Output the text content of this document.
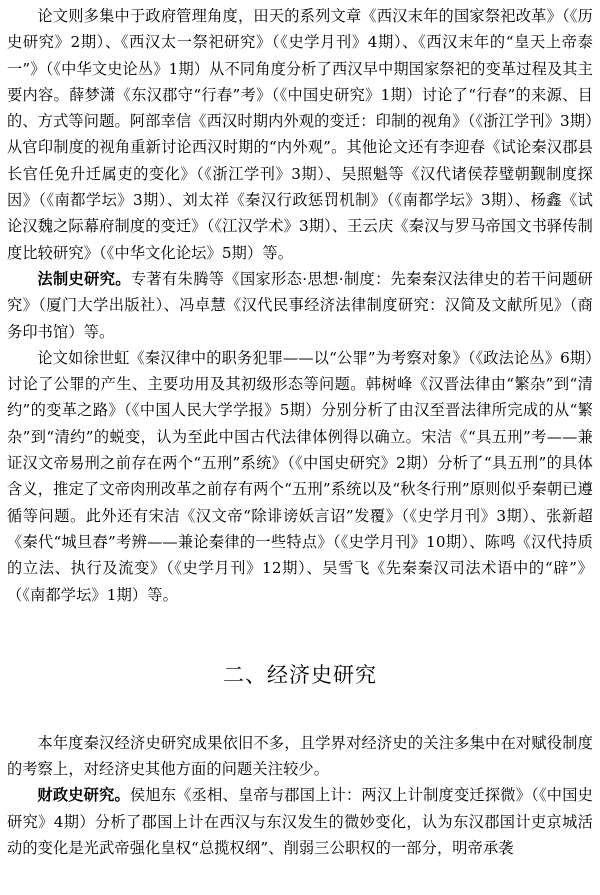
论文则多集中于政府管理角度，田天的系列文章《西汉末年的国家祭祀改革》（《历史研究》2期）、《西汉太一祭祀研究》（《史学月刊》4期）、《西汉末年的“皇天上帝泰一”》（《中华文史论丛》1期）从不同角度分析了西汉早中期国家祭祀的变革过程及其主要内容。薛梦潇《东汉郡守“行春”考》（《中国史研究》1期）讨论了“行春”的来源、目的、方式等问题。阿部幸信《西汉时期内外观的变迁：印制的视角》（《浙江学刊》3期）从官印制度的视角重新讨论西汉时期的“内外观”。其他论文还有李迎春《试论秦汉郡县长官任免升迁属吏的变化》（《浙江学刊》3期）、吴照魁等《汉代诸侯荐璧朝觐制度探因》（《南都学坛》3期）、刘太祥《秦汉行政惩罚机制》（《南都学坛》3期）、杨鑫《试论汉魏之际幕府制度的变迁》（《江汉学术》3期）、王云庆《秦汉与罗马帝国文书驿传制度比较研究》（《中华文化论坛》5期）等。

法制史研究。专著有朱腾等《国家形态·思想·制度：先秦秦汉法律史的若干问题研究》（厦门大学出版社）、冯卓慧《汉代民事经济法律制度研究：汉简及文献所见》（商务印书馆）等。

论文如徐世虹《秦汉律中的职务犯罪——以“公罪”为考察对象》（《政法论丛》6期）讨论了公罪的产生、主要功用及其初级形态等问题。韩树峰《汉晋法律由“繁杂”到“清约”的变革之路》（《中国人民大学学报》5期）分别分析了由汉至晋法律所完成的从“繁杂”到“清约”的蜕变，认为至此中国古代法律体例得以确立。宋洁《“具五刑”考——兼证汉文帝易刑之前存在两个“五刑”系统》（《中国史研究》2期）分析了“具五刑”的具体含义，推定了文帝肉刑改革之前存有两个“五刑”系统以及“秋冬行刑”原则似乎秦朝已遵循等问题。此外还有宋洁《汉文帝“除诽谤妖言诏”发覆》（《史学月刊》3期）、张新超《秦代“城旦舂”考辨——兼论秦律的一些特点》（《史学月刊》10期）、陈鸣《汉代持质的立法、执行及流变》（《史学月刊》12期）、吴雪飞《先秦秦汉司法术语中的“辟”》（《南都学坛》1期）等。

二、经济史研究

本年度秦汉经济史研究成果依旧不多，且学界对经济史的关注多集中在对赋役制度的考察上，对经济史其他方面的问题关注较少。

财政史研究。侯旭东《丞相、皇帝与郡国上计：两汉上计制度变迁探微》（《中国史研究》4期）分析了郡国上计在西汉与东汉发生的微妙变化，认为东汉郡国计吏京城活动的变化是光武帝强化皇权“总揽权纲”、削弱三公职权的一部分，明帝承袭
